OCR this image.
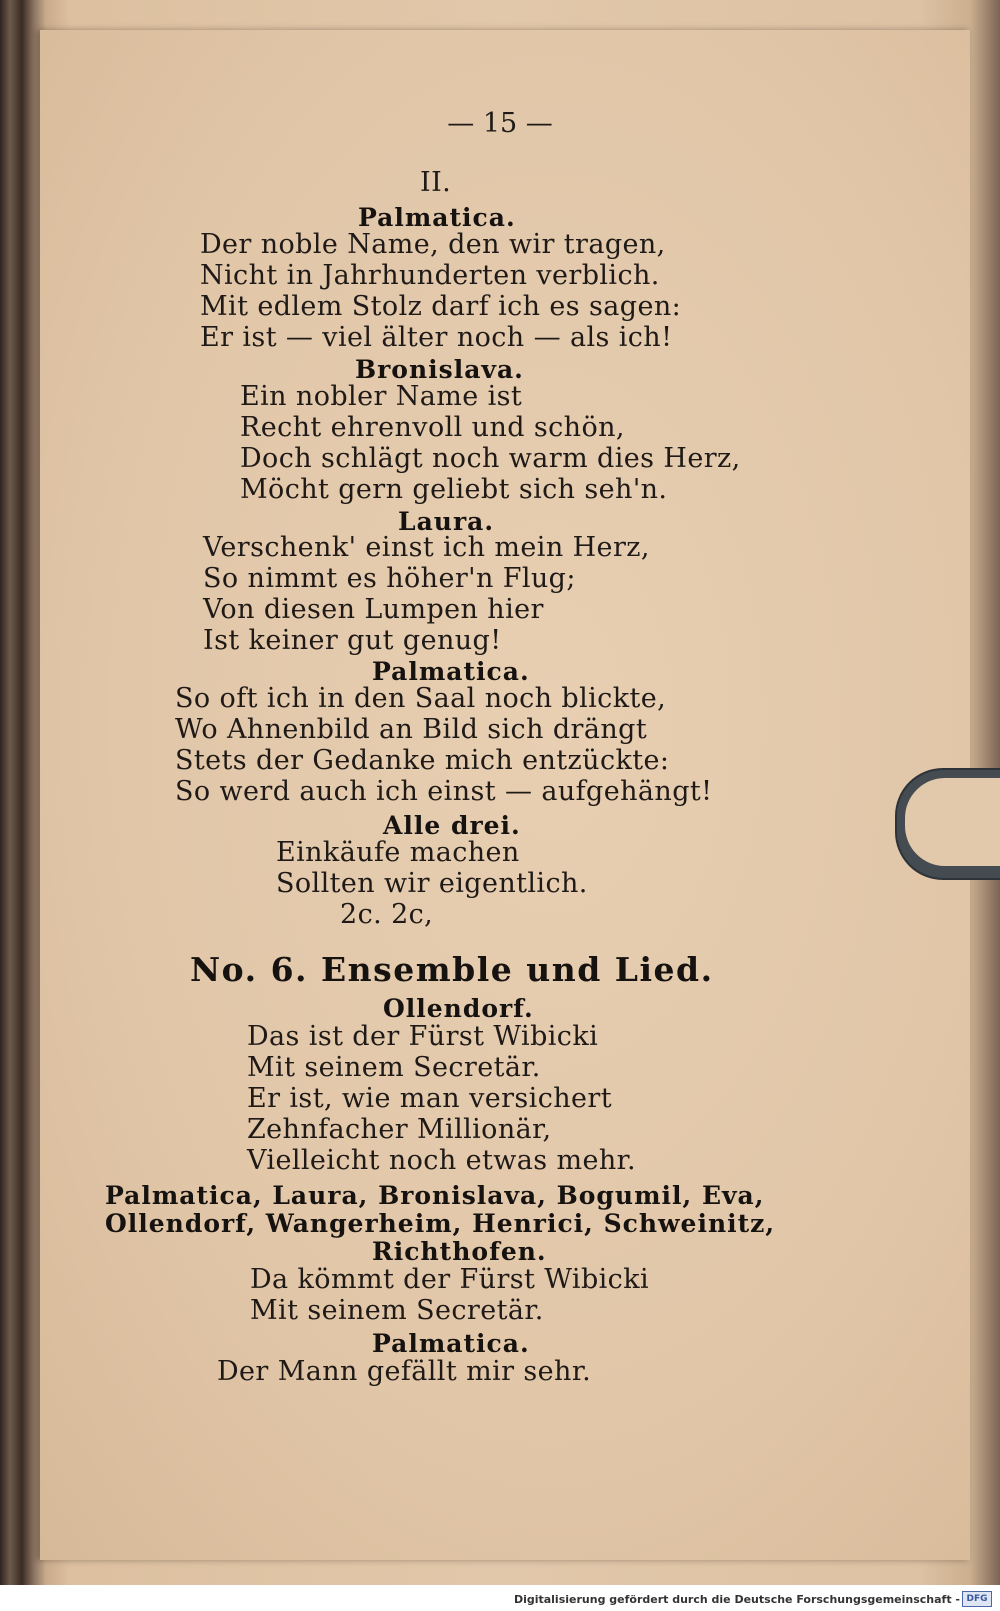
— 15 —
II.
Palmatica.
Der noble Name, den wir tragen,
Nicht in Jahrhunderten verblich.
Mit edlem Stolz darf ich es sagen:
Er ist — viel älter noch — als ich!
Bronislava.
Ein nobler Name ist
Recht ehrenvoll und schön,
Doch schlägt noch warm dies Herz,
Möcht gern geliebt sich seh'n.
Laura.
Verschenk' einst ich mein Herz,
So nimmt es höher'n Flug;
Von diesen Lumpen hier
Ist keiner gut genug!
Palmatica.
So oft ich in den Saal noch blickte,
Wo Ahnenbild an Bild sich drängt
Stets der Gedanke mich entzückte:
So werd auch ich einst — aufgehängt!
Alle drei.
Einkäufe machen
Sollten wir eigentlich.
2c. 2c,
No. 6. Ensemble und Lied.
Ollendorf.
Das ist der Fürst Wibicki
Mit seinem Secretär.
Er ist, wie man versichert
Zehnfacher Millionär,
Vielleicht noch etwas mehr.
Palmatica, Laura, Bronislava, Bogumil, Eva,
Ollendorf, Wangerheim, Henrici, Schweinitz,
Richthofen.
Da kömmt der Fürst Wibicki
Mit seinem Secretär.
Palmatica.
Der Mann gefällt mir sehr.
Digitalisierung gefördert durch die Deutsche Forschungsgemeinschaft - DFG
